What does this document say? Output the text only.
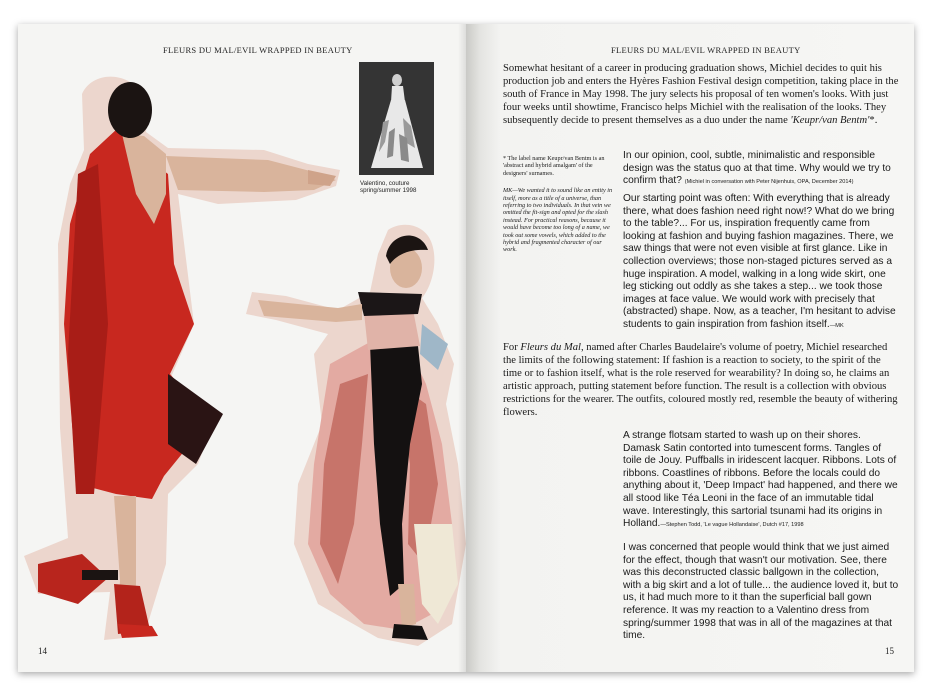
FLEURS DU MAL/EVIL WRAPPED IN BEAUTY
14
FLEURS DU MAL/EVIL WRAPPED IN BEAUTY
Somewhat hesitant of a career in producing graduation shows, Michiel decides to quit his production job and enters the Hyères Fashion Festival design competition, taking place in the south of France in May 1998. The jury selects his proposal of ten women's looks. With just four weeks until showtime, Francisco helps Michiel with the realisation of the looks. They subsequently decide to present themselves as a duo under the name 'Keupr/van Bentm'*.

* The label name Keupr/van Bentm is an 'abstract and hybrid amalgam' of the designers' surnames.

MK—We wanted it to sound like an entity in itself, more as a title of a universe, than referring to two individuals. In that vein we omitted the fit-sign and opted for the slash instead. For practical reasons, because it would have become too long of a name, we took out some vowels, which added to the hybrid and fragmented character of our work.

In our opinion, cool, subtle, minimalistic and responsible design was the status quo at that time. Why would we try to confirm that? (Michiel in conversation with Peter Nijenhuis, OPA, December 2014)

Our starting point was often: With everything that is already there, what does fashion need right now!? What do we bring to the table?... For us, inspiration frequently came from looking at fashion and buying fashion magazines. There, we saw things that were not even visible at first glance. Like in collection overviews; those non-staged pictures served as a huge inspiration. A model, walking in a long wide skirt, one leg sticking out oddly as she takes a step... we took those images at face value. We would work with precisely that (abstracted) shape. Now, as a teacher, I'm hesitant to advise students to gain inspiration from fashion itself.—MK

For Fleurs du Mal, named after Charles Baudelaire's volume of poetry, Michiel researched the limits of the following statement: If fashion is a reaction to society, to the spirit of the time or to fashion itself, what is the role reserved for wearability? In doing so, he claims an artistic approach, putting statement before function. The result is a collection with obvious restrictions for the wearer. The outfits, coloured mostly red, resemble the beauty of withering flowers.

A strange flotsam started to wash up on their shores. Damask Satin contorted into tumescent forms. Tangles of toile de Jouy. Puffballs in iridescent lacquer. Ribbons. Lots of ribbons. Coastlines of ribbons. Before the locals could do anything about it, 'Deep Impact' had happened, and there we all stood like Téa Leoni in the face of an immutable tidal wave. Interestingly, this sartorial tsunami had its origins in Holland.—Stephen Todd, 'Le vague Hollandaise', Dutch #17, 1998

I was concerned that people would think that we just aimed for the effect, though that wasn't our motivation. See, there was this deconstructed classic ballgown in the collection, with a big skirt and a lot of tulle... the audience loved it, but to us, it had much more to it than the superficial ball gown reference. It was my reaction to a Valentino dress from spring/summer 1998 that was in all of the magazines at that time.

15
Valentino, couture
spring/summer 1998
